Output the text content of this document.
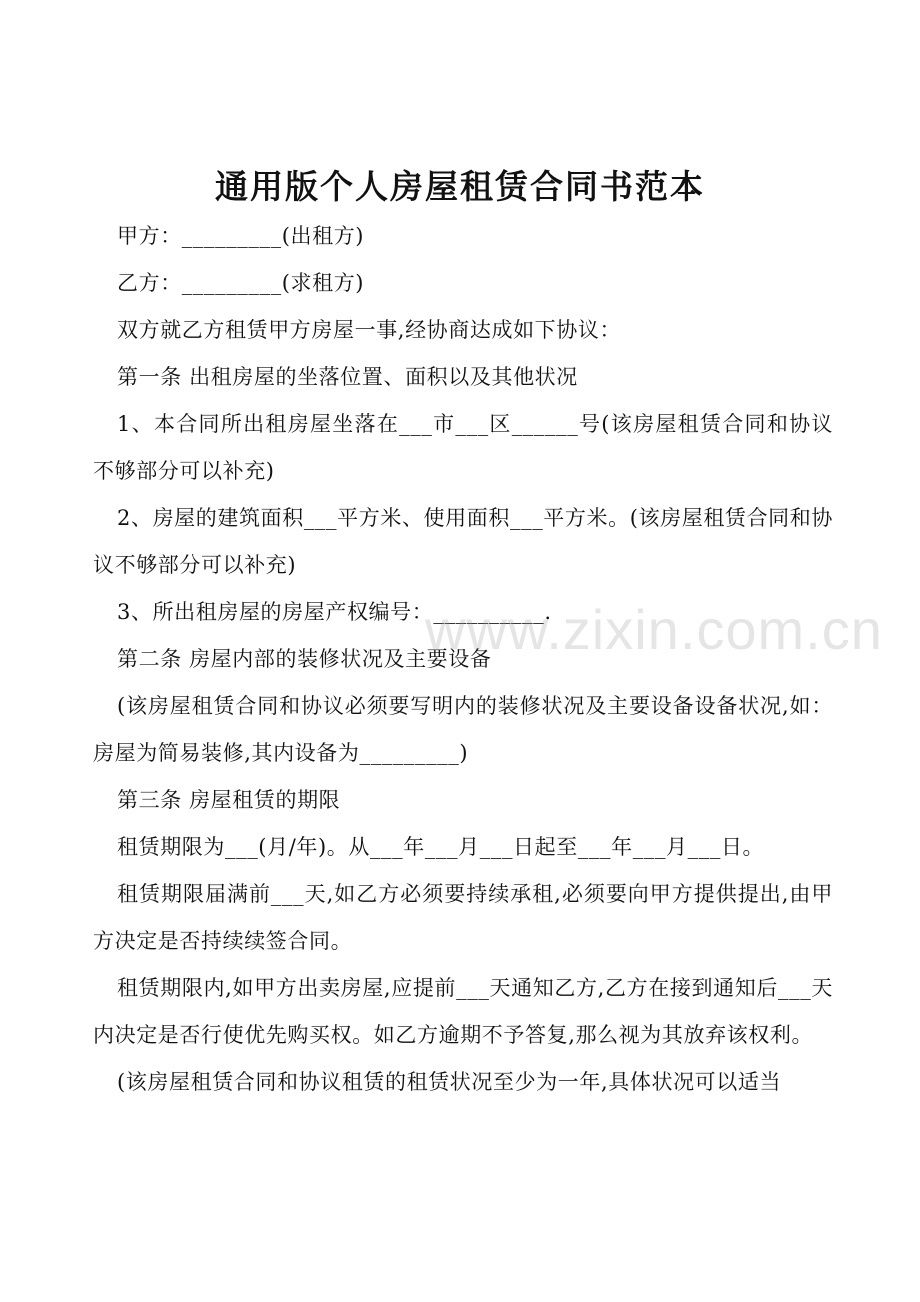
通用版个人房屋租赁合同书范本

甲方：_________(出租方)

乙方：_________(求租方)

双方就乙方租赁甲方房屋一事,经协商达成如下协议：

第一条 出租房屋的坐落位置、面积以及其他状况

1、本合同所出租房屋坐落在___市___区______号(该房屋租赁合同和协议不够部分可以补充)

2、房屋的建筑面积___平方米、使用面积___平方米。(该房屋租赁合同和协议不够部分可以补充)

3、所出租房屋的房屋产权编号：__________.

第二条 房屋内部的装修状况及主要设备

(该房屋租赁合同和协议必须要写明内的装修状况及主要设备设备状况,如：房屋为简易装修,其内设备为_________)

第三条 房屋租赁的期限

租赁期限为___(月/年)。从___年___月___日起至___年___月___日。

租赁期限届满前___天,如乙方必须要持续承租,必须要向甲方提供提出,由甲方决定是否持续续签合同。

租赁期限内,如甲方出卖房屋,应提前___天通知乙方,乙方在接到通知后___天内决定是否行使优先购买权。如乙方逾期不予答复,那么视为其放弃该权利。

(该房屋租赁合同和协议租赁的租赁状况至少为一年,具体状况可以适当

www.zixin.com.cn
